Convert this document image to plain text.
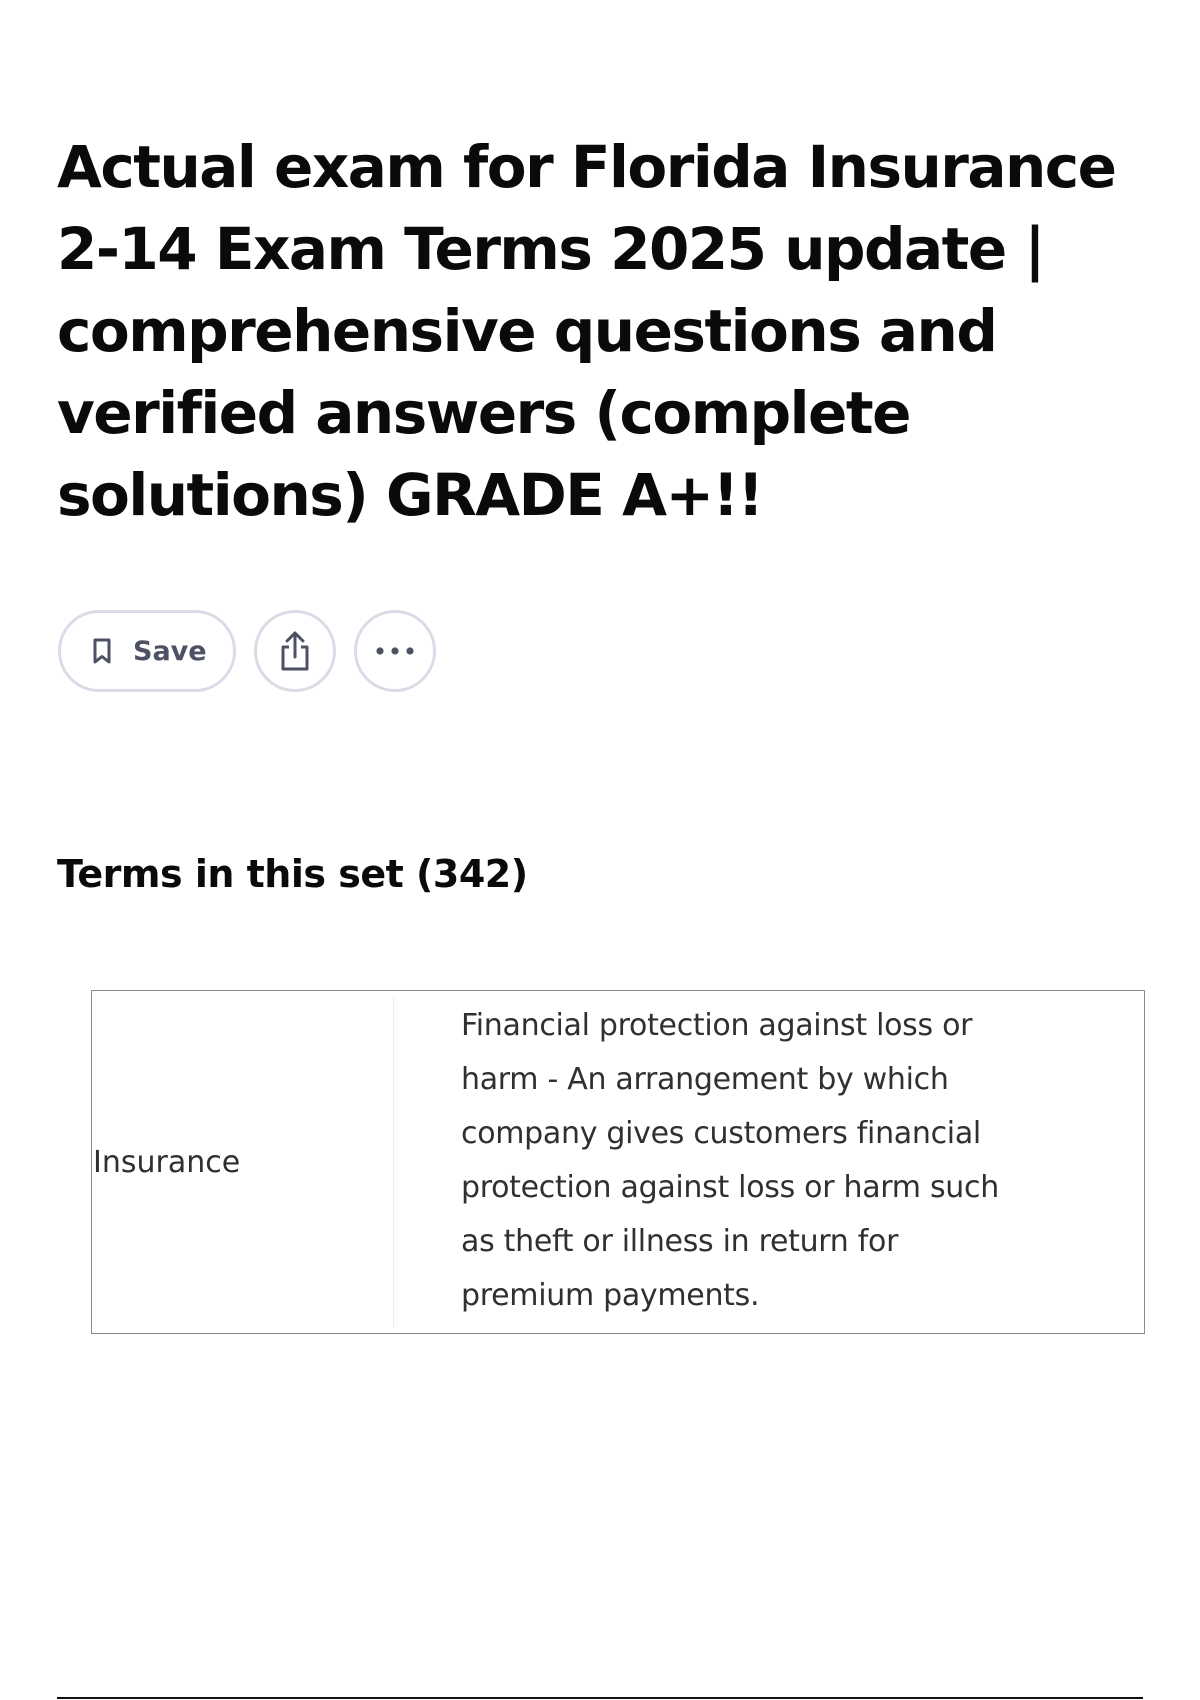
Actual exam for Florida Insurance 2-14 Exam Terms 2025 update | comprehensive questions and verified answers (complete solutions) GRADE A+!!
Save
Terms in this set (342)
Insurance

Financial protection against loss or harm - An arrangement by which company gives customers financial protection against loss or harm such as theft or illness in return for premium payments.
